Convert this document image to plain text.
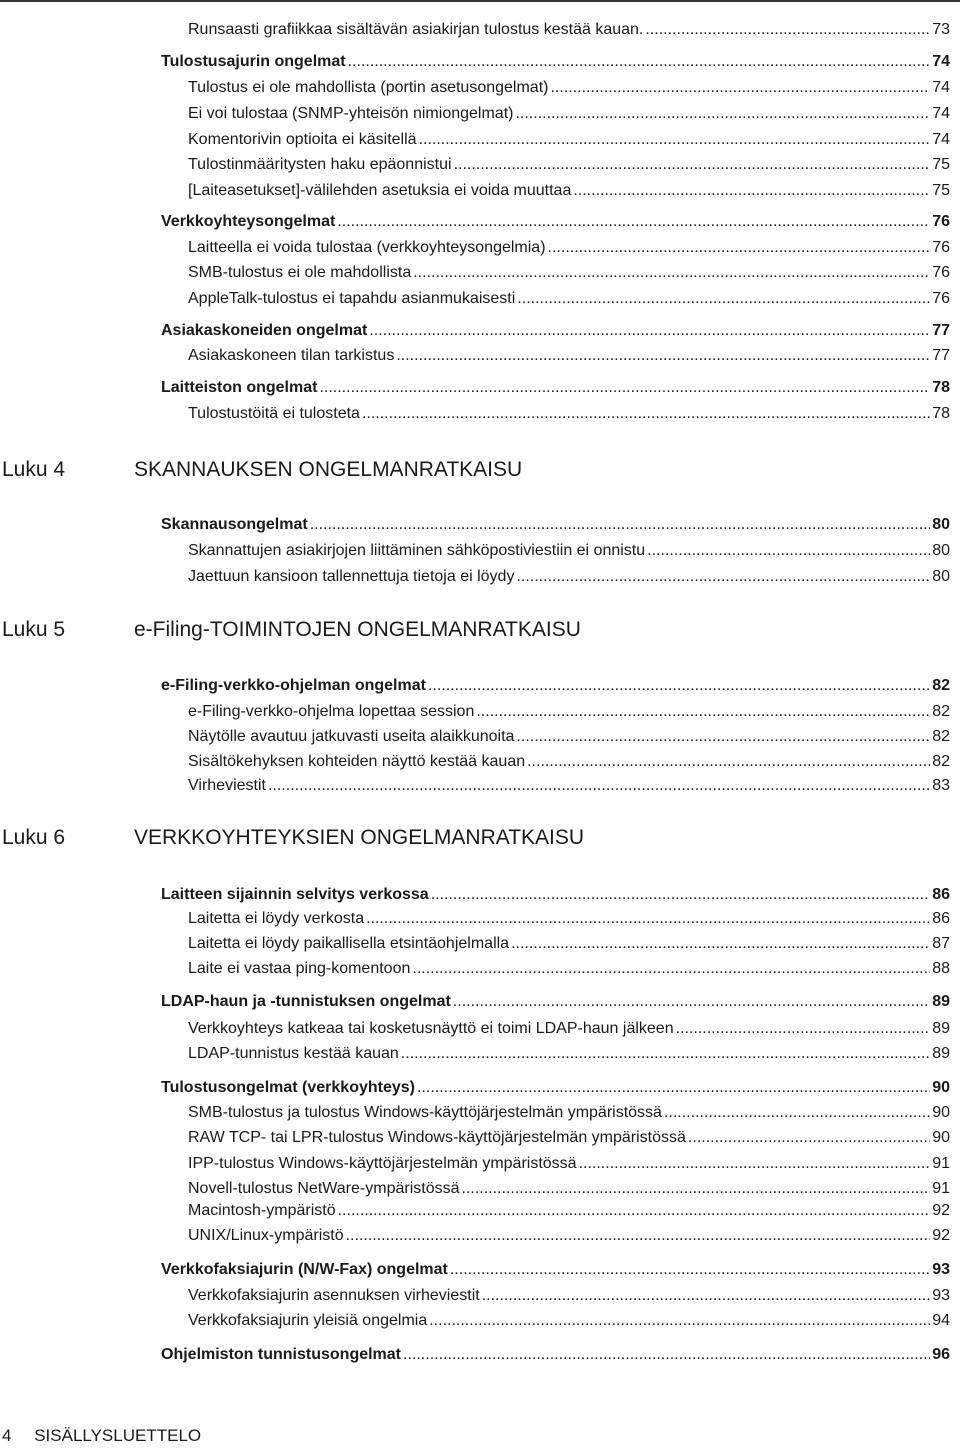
Runsaasti grafiikkaa sisältävän asiakirjan tulostus kestää kauan. .....	73
Tulostusajurin ongelmat .....	74
Tulostus ei ole mahdollista (portin asetusongelmat) .....	74
Ei voi tulostaa (SNMP-yhteisön nimiongelmat) .....	74
Komentorivin optioita ei käsitellä .....	74
Tulostinmääritysten haku epäonnistui .....	75
[Laiteasetukset]-välilehden asetuksia ei voida muuttaa .....	75
Verkkoyhteysongelmat .....	76
Laitteella ei voida tulostaa (verkkoyhteysongelmia) .....	76
SMB-tulostus ei ole mahdollista .....	76
AppleTalk-tulostus ei tapahdu asianmukaisesti .....	76
Asiakaskoneiden ongelmat .....	77
Asiakaskoneen tilan tarkistus .....	77
Laitteiston ongelmat .....	78
Tulostustöitä ei tulosteta .....	78
Luku 4	SKANNAUKSEN ONGELMANRATKAISU
Skannausongelmat .....	80
Skannattujen asiakirjojen liittäminen sähköpostiviestiin ei onnistu .....	80
Jaettuun kansioon tallennettuja tietoja ei löydy .....	80
Luku 5	e-Filing-TOIMINTOJEN ONGELMANRATKAISU
e-Filing-verkko-ohjelman ongelmat .....	82
e-Filing-verkko-ohjelma lopettaa session .....	82
Näytölle avautuu jatkuvasti useita alaikkunoita .....	82
Sisältökehyksen kohteiden näyttö kestää kauan .....	82
Virheviestit .....	83
Luku 6	VERKKOYHTEYKSIEN ONGELMANRATKAISU
Laitteen sijainnin selvitys verkossa .....	86
Laitetta ei löydy verkosta .....	86
Laitetta ei löydy paikallisella etsintäohjelmalla .....	87
Laite ei vastaa ping-komentoon .....	88
LDAP-haun ja -tunnistuksen ongelmat .....	89
Verkkoyhteys katkeaa tai kosketusnäyttö ei toimi LDAP-haun jälkeen .....	89
LDAP-tunnistus kestää kauan .....	89
Tulostusongelmat (verkkoyhteys) .....	90
SMB-tulostus ja tulostus Windows-käyttöjärjestelmän ympäristössä .....	90
RAW TCP- tai LPR-tulostus Windows-käyttöjärjestelmän ympäristössä .....	90
IPP-tulostus Windows-käyttöjärjestelmän ympäristössä .....	91
Novell-tulostus NetWare-ympäristössä .....	91
Macintosh-ympäristö .....	92
UNIX/Linux-ympäristö .....	92
Verkkofaksiajurin (N/W-Fax) ongelmat .....	93
Verkkofaksiajurin asennuksen virheviestit .....	93
Verkkofaksiajurin yleisiä ongelmia .....	94
Ohjelmiston tunnistusongelmat .....	96
4 SISÄLLYSLUETTELO
